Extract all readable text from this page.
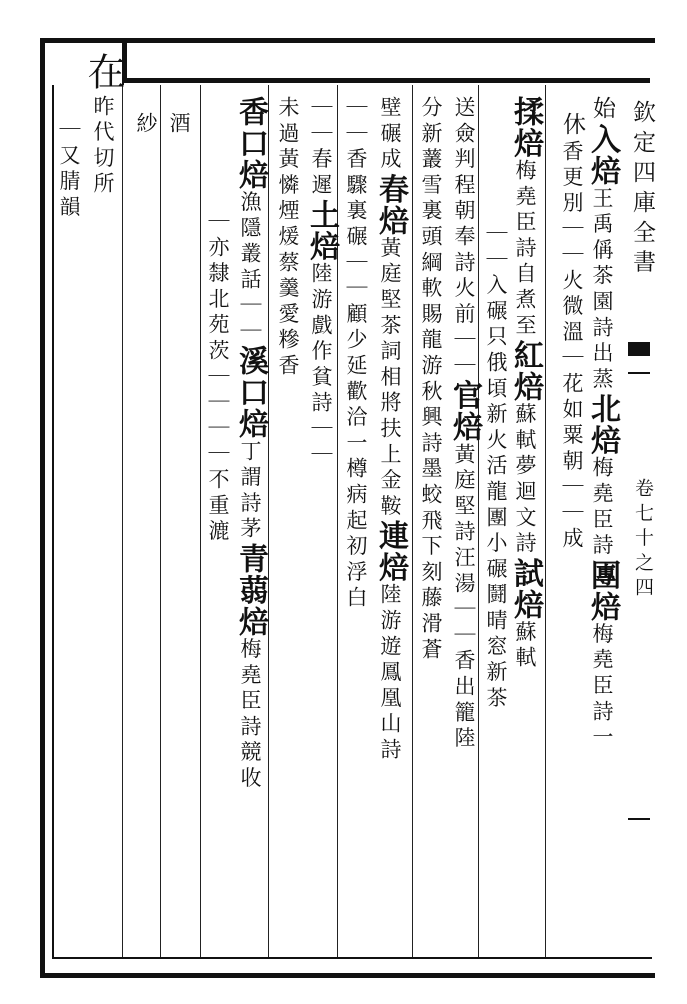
欽定四庫全書
卷七十之四
始入焙王禹偁茶園詩出蒸北焙梅堯臣詩團焙梅堯臣詩一
休香更別｜｜火微溫｜花如粟朝｜｜成
揉焙梅堯臣詩自煮至紅焙蘇軾夢迴文詩試焙蘇軾
｜｜入碾只俄頃新火活龍團小碾鬪晴窓新茶
送僉判程朝奉詩火前｜｜官焙黃庭堅詩汪湯｜｜香出籠陸
分新䕺雪裏頭綱軟賜龍游秋興詩墨蛟飛下刻藤滑蒼
壁碾成春焙黃庭堅茶詞相將扶上金鞍連焙陸游遊鳳凰山詩
｜｜香驟裏碾｜｜顧少延歡洽一樽病起初浮白
｜｜春遲土焙陸游戲作貧詩｜｜
未過黃憐煙煖蔡羹愛糝香
香口焙漁隱叢話｜｜溪口焙丁謂詩茅青蒻焙梅堯臣詩競收
｜亦隸北苑茨｜｜｜｜不重漉
酒
紗
在昨代切所
｜又腈韻
